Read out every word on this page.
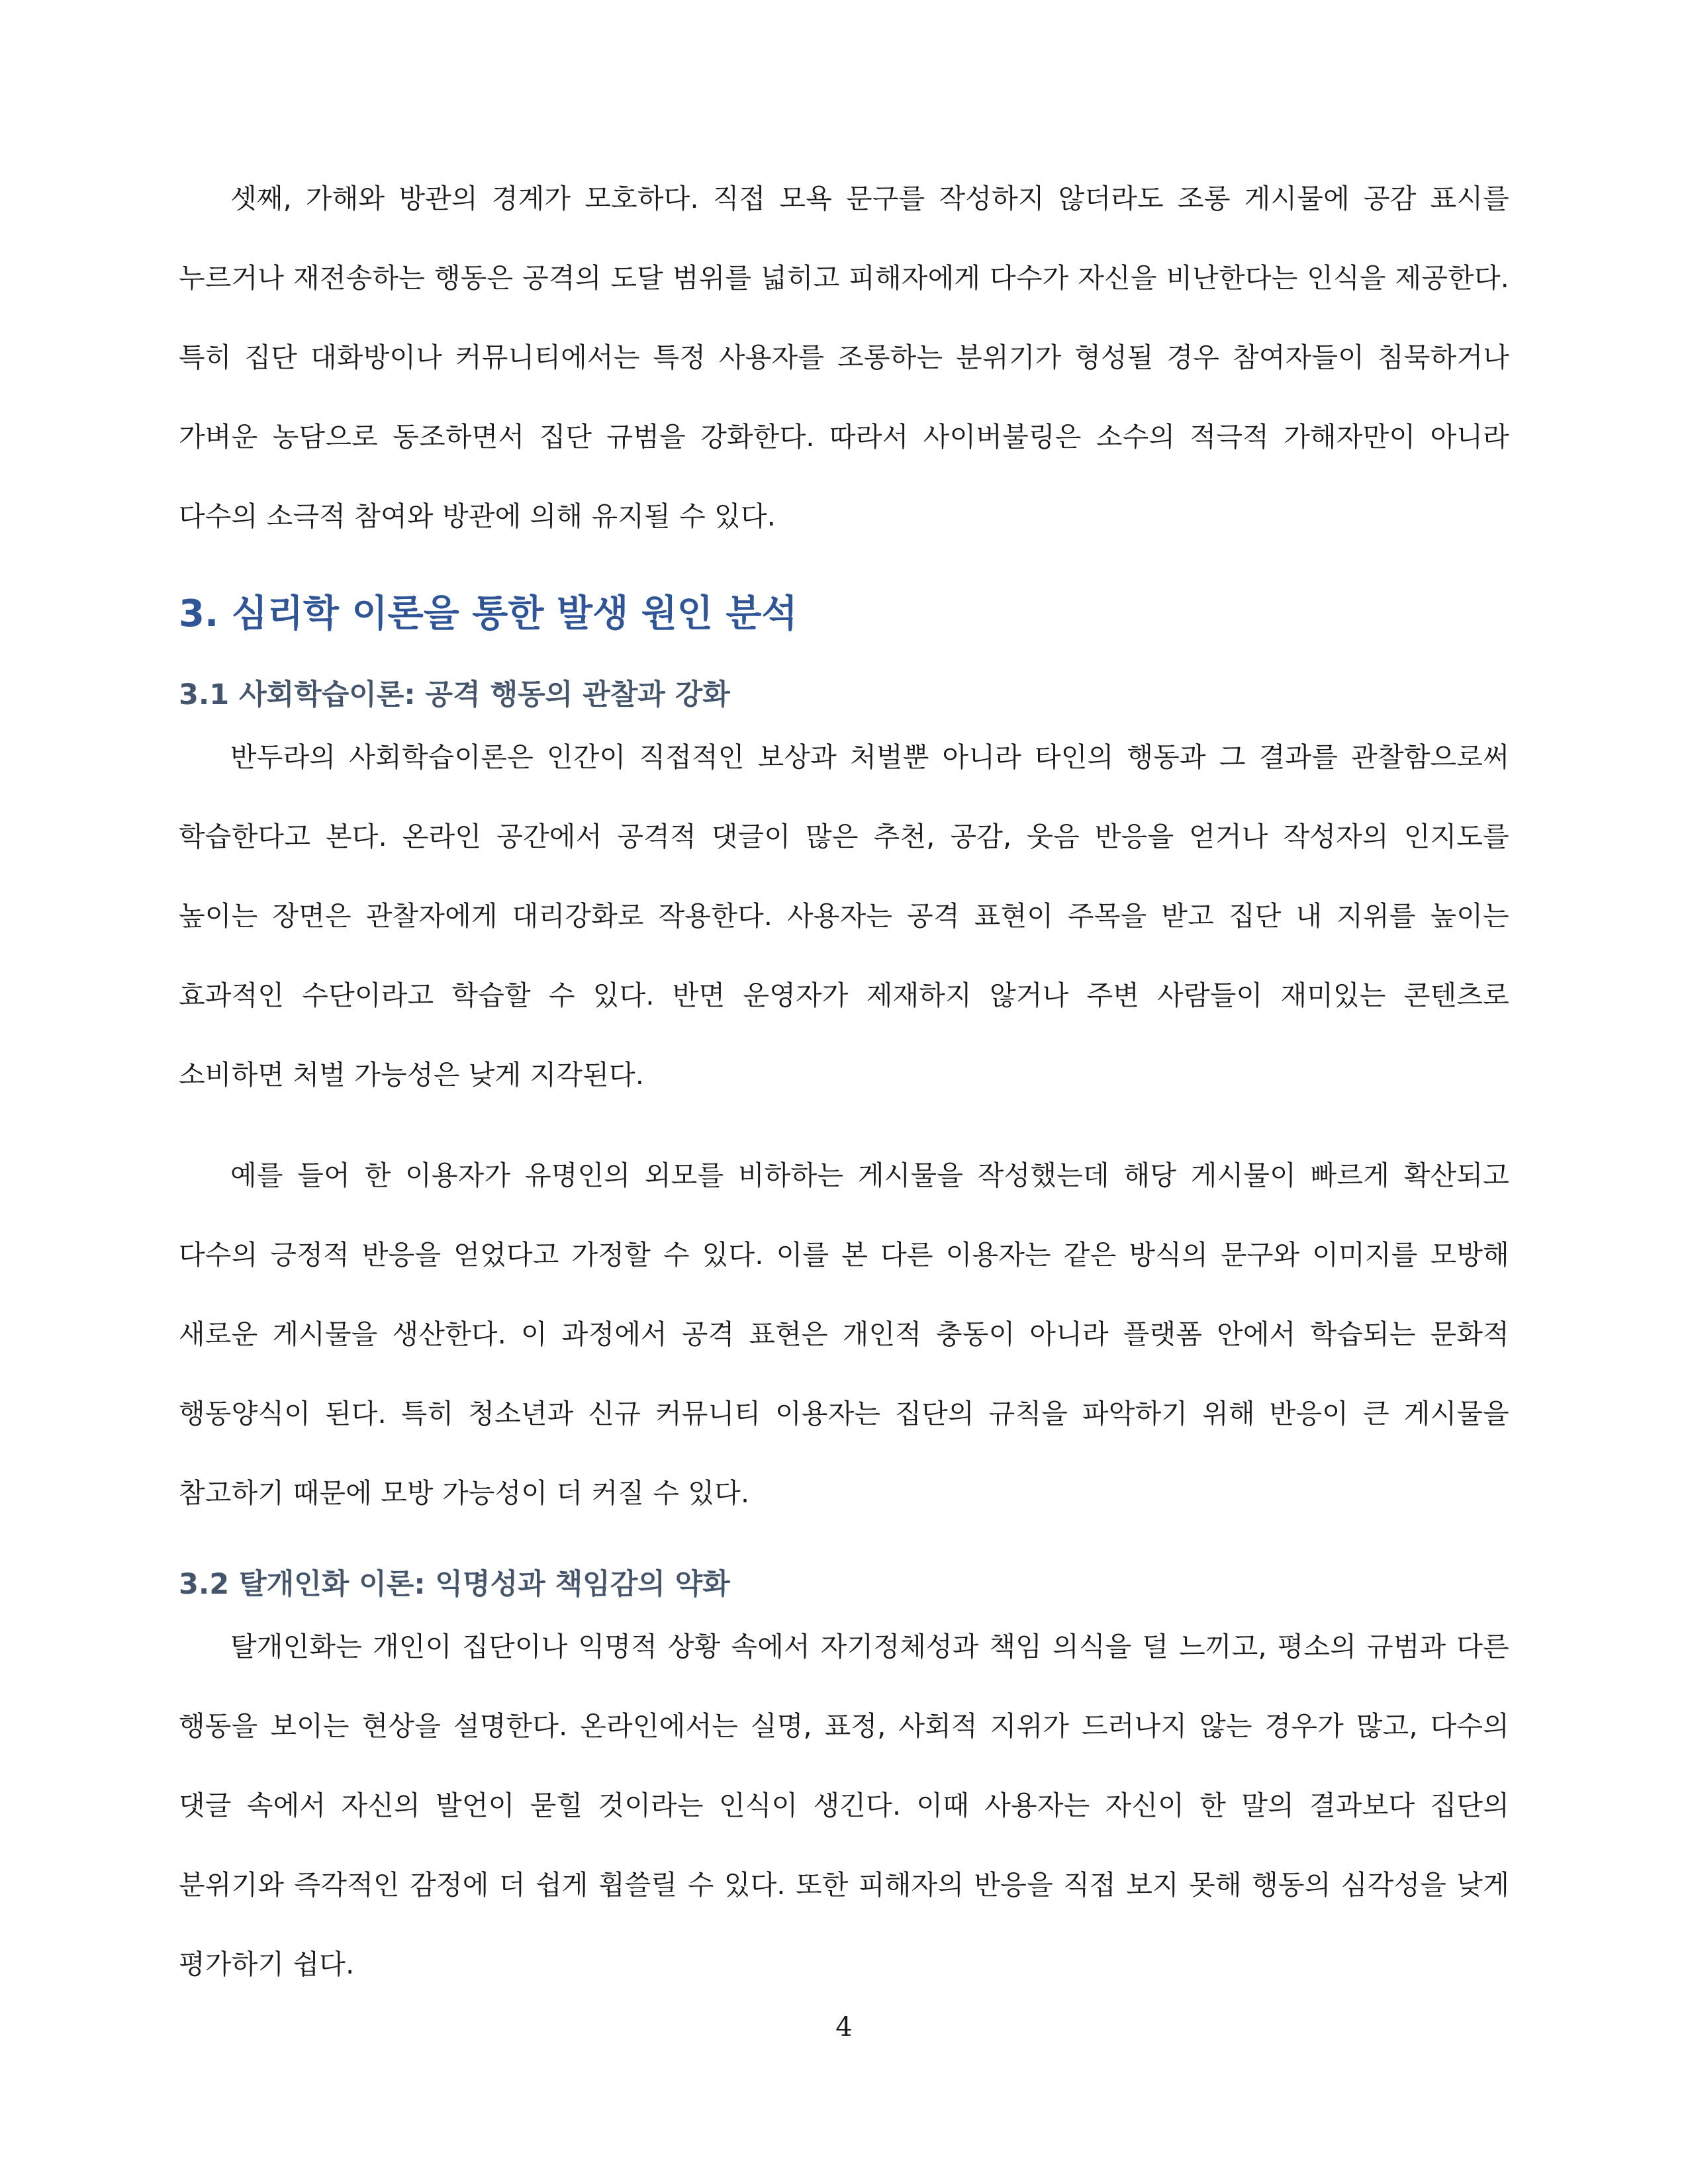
셋째, 가해와 방관의 경계가 모호하다. 직접 모욕 문구를 작성하지 않더라도 조롱 게시물에 공감 표시를 누르거나 재전송하는 행동은 공격의 도달 범위를 넓히고 피해자에게 다수가 자신을 비난한다는 인식을 제공한다. 특히 집단 대화방이나 커뮤니티에서는 특정 사용자를 조롱하는 분위기가 형성될 경우 참여자들이 침묵하거나 가벼운 농담으로 동조하면서 집단 규범을 강화한다. 따라서 사이버불링은 소수의 적극적 가해자만이 아니라 다수의 소극적 참여와 방관에 의해 유지될 수 있다.

3. 심리학 이론을 통한 발생 원인 분석
3.1 사회학습이론: 공격 행동의 관찰과 강화

반두라의 사회학습이론은 인간이 직접적인 보상과 처벌뿐 아니라 타인의 행동과 그 결과를 관찰함으로써 학습한다고 본다. 온라인 공간에서 공격적 댓글이 많은 추천, 공감, 웃음 반응을 얻거나 작성자의 인지도를 높이는 장면은 관찰자에게 대리강화로 작용한다. 사용자는 공격 표현이 주목을 받고 집단 내 지위를 높이는 효과적인 수단이라고 학습할 수 있다. 반면 운영자가 제재하지 않거나 주변 사람들이 재미있는 콘텐츠로 소비하면 처벌 가능성은 낮게 지각된다.

예를 들어 한 이용자가 유명인의 외모를 비하하는 게시물을 작성했는데 해당 게시물이 빠르게 확산되고 다수의 긍정적 반응을 얻었다고 가정할 수 있다. 이를 본 다른 이용자는 같은 방식의 문구와 이미지를 모방해 새로운 게시물을 생산한다. 이 과정에서 공격 표현은 개인적 충동이 아니라 플랫폼 안에서 학습되는 문화적 행동양식이 된다. 특히 청소년과 신규 커뮤니티 이용자는 집단의 규칙을 파악하기 위해 반응이 큰 게시물을 참고하기 때문에 모방 가능성이 더 커질 수 있다.

3.2 탈개인화 이론: 익명성과 책임감의 약화

탈개인화는 개인이 집단이나 익명적 상황 속에서 자기정체성과 책임 의식을 덜 느끼고, 평소의 규범과 다른 행동을 보이는 현상을 설명한다. 온라인에서는 실명, 표정, 사회적 지위가 드러나지 않는 경우가 많고, 다수의 댓글 속에서 자신의 발언이 묻힐 것이라는 인식이 생긴다. 이때 사용자는 자신이 한 말의 결과보다 집단의 분위기와 즉각적인 감정에 더 쉽게 휩쓸릴 수 있다. 또한 피해자의 반응을 직접 보지 못해 행동의 심각성을 낮게 평가하기 쉽다.

4
